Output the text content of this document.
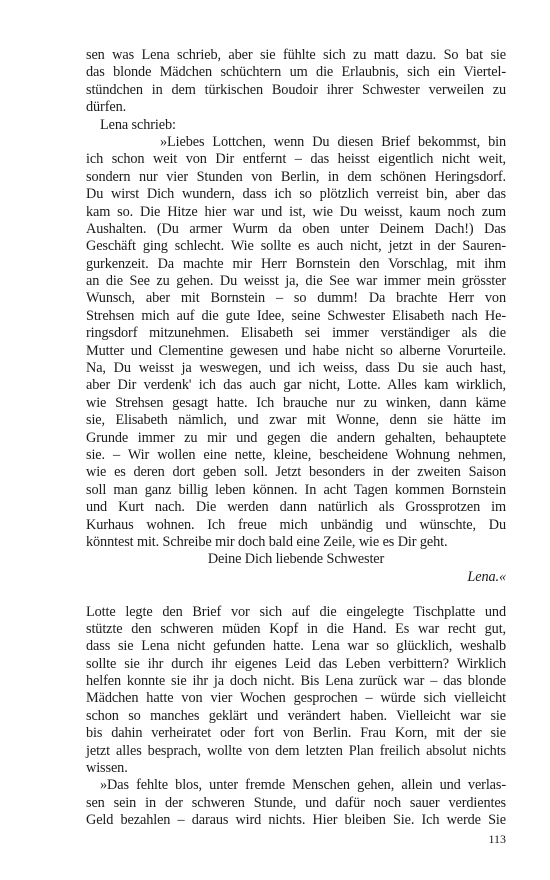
sen was Lena schrieb, aber sie fühlte sich zu matt dazu. So bat sie
das blonde Mädchen schüchtern um die Erlaubnis, sich ein Viertel-
stündchen in dem türkischen Boudoir ihrer Schwester verweilen zu
dürfen.
Lena schrieb:
»Liebes Lottchen, wenn Du diesen Brief bekommst, bin
ich schon weit von Dir entfernt – das heisst eigentlich nicht weit,
sondern nur vier Stunden von Berlin, in dem schönen Heringsdorf.
Du wirst Dich wundern, dass ich so plötzlich verreist bin, aber das
kam so. Die Hitze hier war und ist, wie Du weisst, kaum noch zum
Aushalten. (Du armer Wurm da oben unter Deinem Dach!) Das
Geschäft ging schlecht. Wie sollte es auch nicht, jetzt in der Sauren-
gurkenzeit. Da machte mir Herr Bornstein den Vorschlag, mit ihm
an die See zu gehen. Du weisst ja, die See war immer mein grösster
Wunsch, aber mit Bornstein – so dumm! Da brachte Herr von
Strehsen mich auf die gute Idee, seine Schwester Elisabeth nach He-
ringsdorf mitzunehmen. Elisabeth sei immer verständiger als die
Mutter und Clementine gewesen und habe nicht so alberne Vorurteile.
Na, Du weisst ja weswegen, und ich weiss, dass Du sie auch hast,
aber Dir verdenk' ich das auch gar nicht, Lotte. Alles kam wirklich,
wie Strehsen gesagt hatte. Ich brauche nur zu winken, dann käme
sie, Elisabeth nämlich, und zwar mit Wonne, denn sie hätte im
Grunde immer zu mir und gegen die andern gehalten, behauptete
sie. – Wir wollen eine nette, kleine, bescheidene Wohnung nehmen,
wie es deren dort geben soll. Jetzt besonders in der zweiten Saison
soll man ganz billig leben können. In acht Tagen kommen Bornstein
und Kurt nach. Die werden dann natürlich als Grossprotzen im
Kurhaus wohnen. Ich freue mich unbändig und wünschte, Du
könntest mit. Schreibe mir doch bald eine Zeile, wie es Dir geht.
Deine Dich liebende Schwester
Lena.«
Lotte legte den Brief vor sich auf die eingelegte Tischplatte und
stützte den schweren müden Kopf in die Hand. Es war recht gut,
dass sie Lena nicht gefunden hatte. Lena war so glücklich, weshalb
sollte sie ihr durch ihr eigenes Leid das Leben verbittern? Wirklich
helfen konnte sie ihr ja doch nicht. Bis Lena zurück war – das blonde
Mädchen hatte von vier Wochen gesprochen – würde sich vielleicht
schon so manches geklärt und verändert haben. Vielleicht war sie
bis dahin verheiratet oder fort von Berlin. Frau Korn, mit der sie
jetzt alles besprach, wollte von dem letzten Plan freilich absolut nichts
wissen.
»Das fehlte blos, unter fremde Menschen gehen, allein und verlas-
sen sein in der schweren Stunde, und dafür noch sauer verdientes
Geld bezahlen – daraus wird nichts. Hier bleiben Sie. Ich werde Sie
113
